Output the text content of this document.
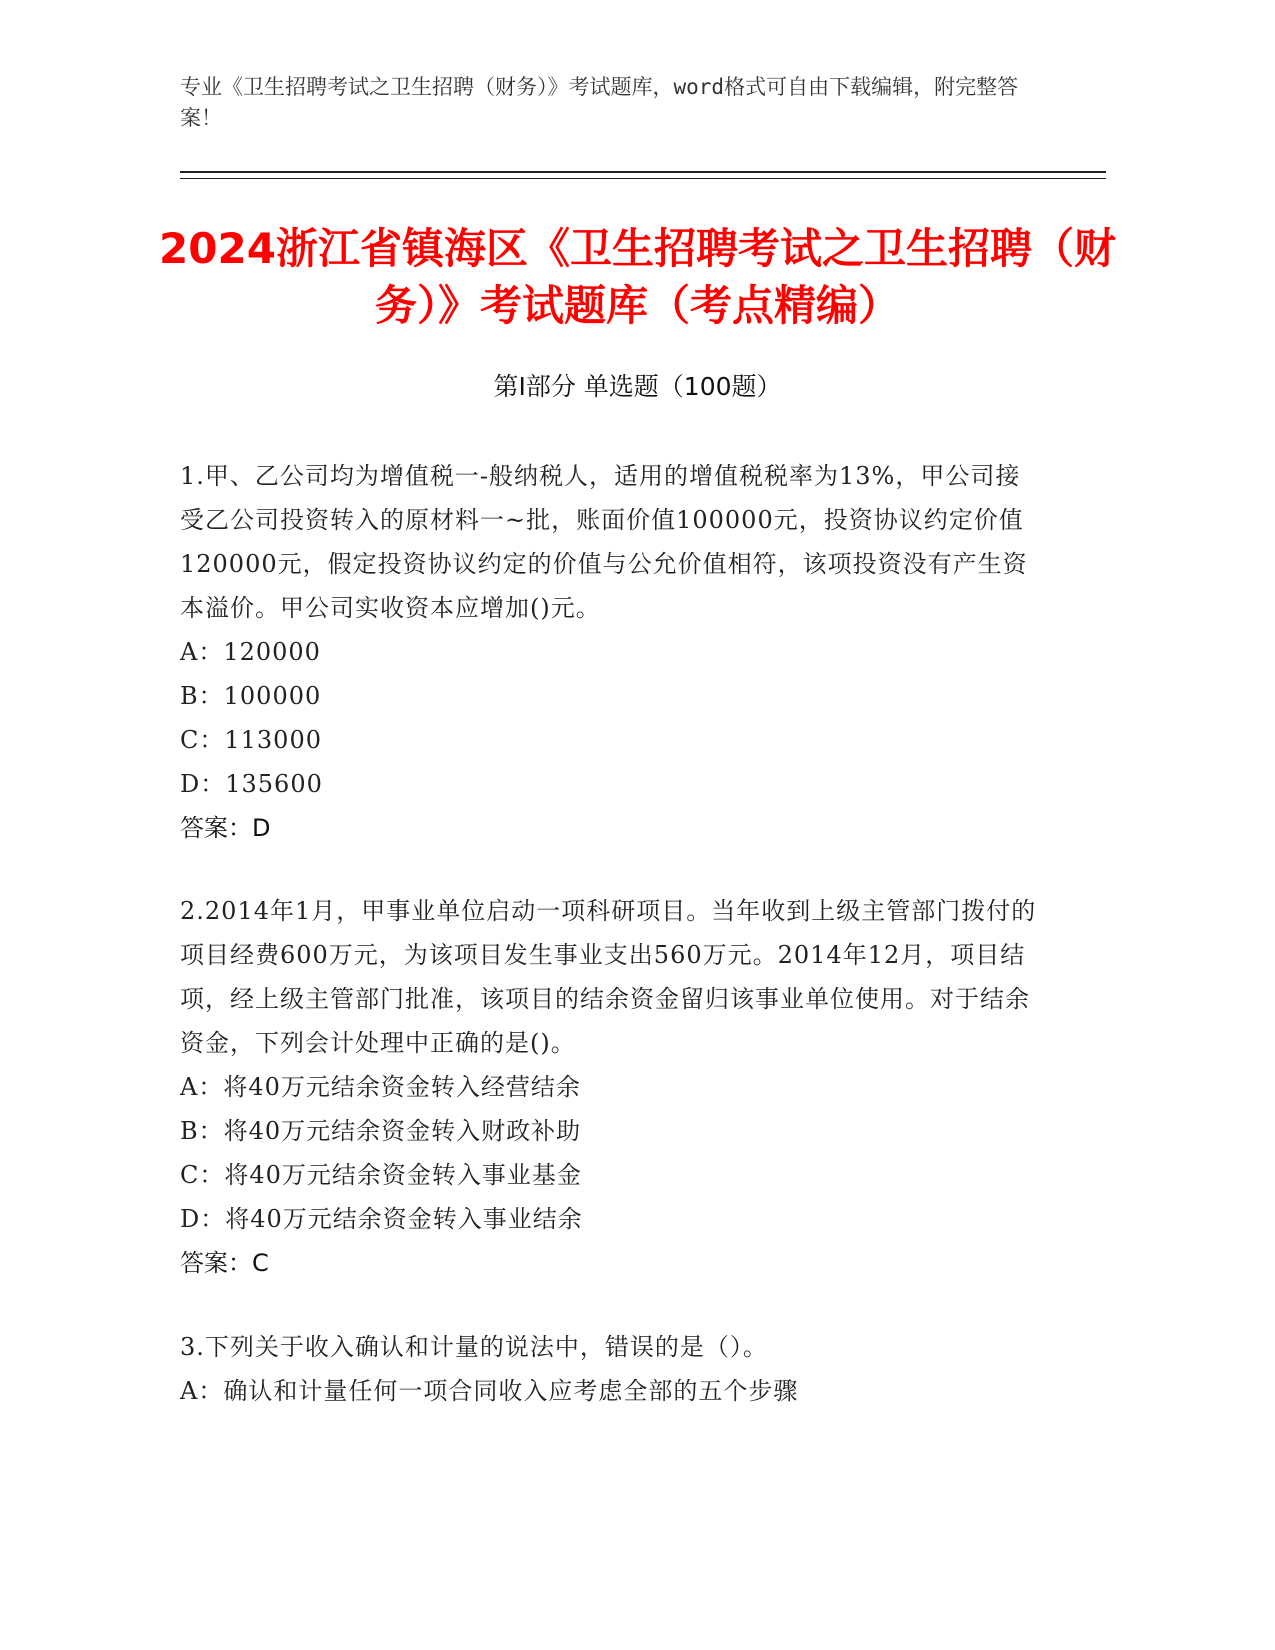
专业《卫生招聘考试之卫生招聘（财务）》考试题库，word格式可自由下载编辑，附完整答案！
2024浙江省镇海区《卫生招聘考试之卫生招聘（财务）》考试题库（考点精编）
第I部分 单选题（100题）
1.甲、乙公司均为增值税一-般纳税人，适用的增值税税率为13%，甲公司接受乙公司投资转入的原材料一~批，账面价值100000元，投资协议约定价值120000元，假定投资协议约定的价值与公允价值相符，该项投资没有产生资本溢价。甲公司实收资本应增加()元。
A：120000
B：100000
C：113000
D：135600
答案：D
2.2014年1月，甲事业单位启动一项科研项目。当年收到上级主管部门拨付的项目经费600万元，为该项目发生事业支出560万元。2014年12月，项目结项，经上级主管部门批准，该项目的结余资金留归该事业单位使用。对于结余资金，下列会计处理中正确的是()。
A：将40万元结余资金转入经营结余
B：将40万元结余资金转入财政补助
C：将40万元结余资金转入事业基金
D：将40万元结余资金转入事业结余
答案：C
3.下列关于收入确认和计量的说法中，错误的是（）。
A：确认和计量任何一项合同收入应考虑全部的五个步骤
